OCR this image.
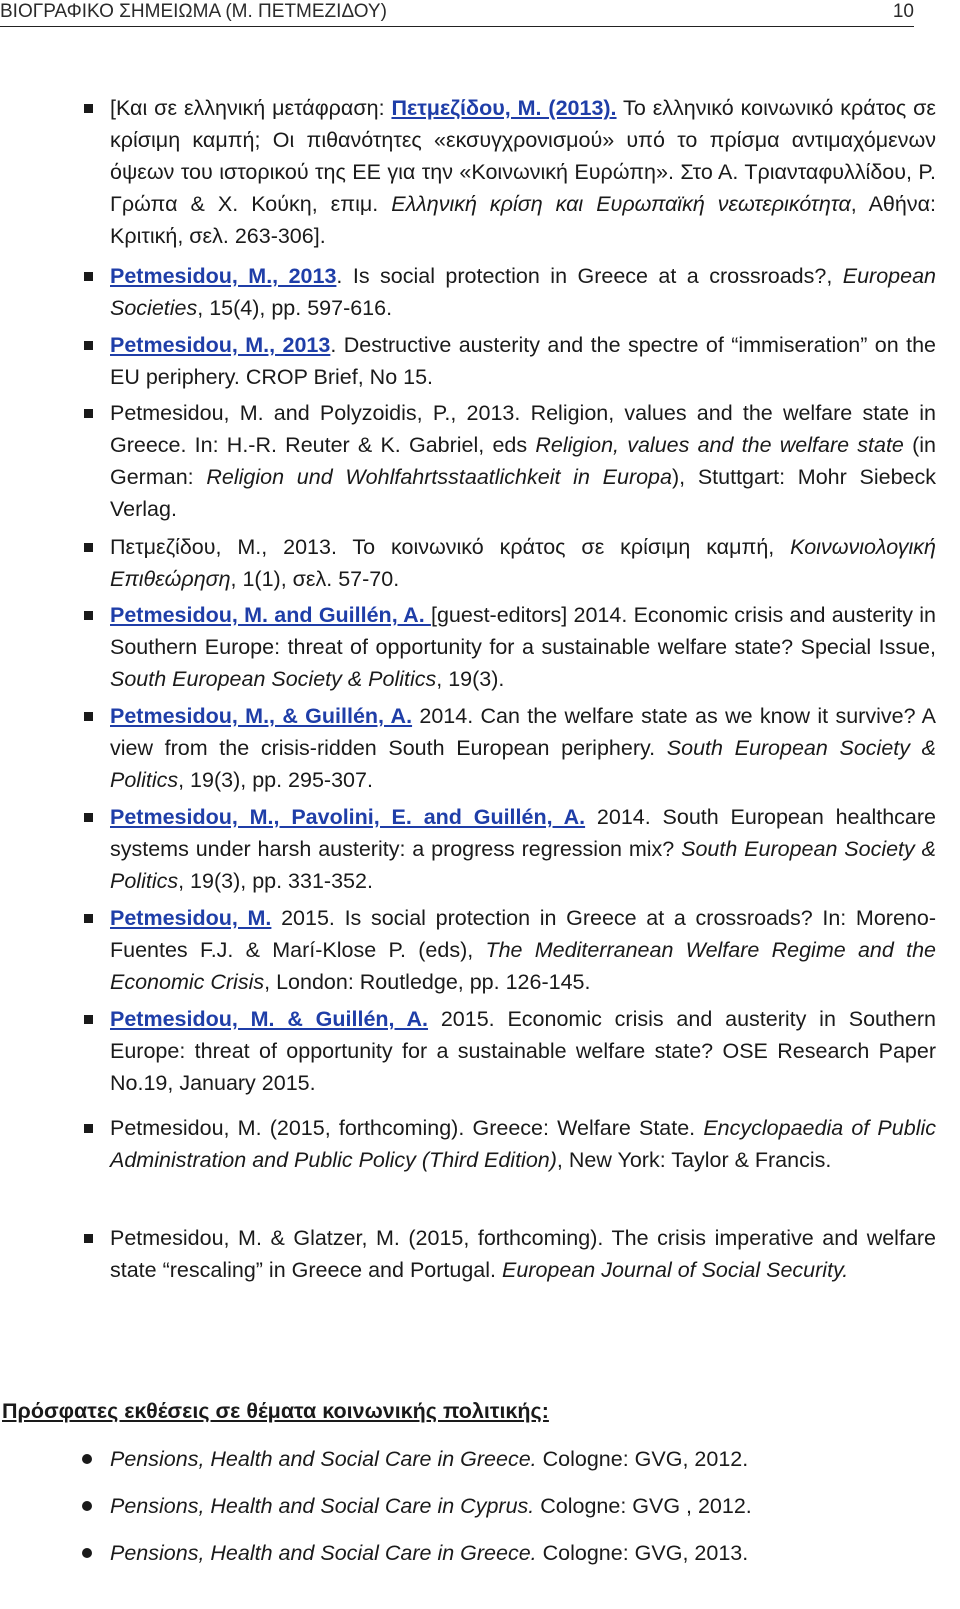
ΒΙΟΓΡΑΦΙΚΟ ΣΗΜΕΙΩΜΑ (Μ. ΠΕΤΜΕΖΙΔΟΥ)	10
[Και σε ελληνική μετάφραση: Πετμεζίδου, Μ. (2013). Το ελληνικό κοινωνικό κράτος σε κρίσιμη καμπή; Οι πιθανότητες «εκσυγχρονισμού» υπό το πρίσμα αντιμαχόμενων όψεων του ιστορικού της ΕΕ για την «Κοινωνική Ευρώπη». Στο Α. Τριανταφυλλίδου, Ρ. Γρώπα & Χ. Κούκη, επιμ. Ελληνική κρίση και Ευρωπαϊκή νεωτερικότητα, Αθήνα: Κριτική, σελ. 263-306].
Petmesidou, M., 2013. Is social protection in Greece at a crossroads?, European Societies, 15(4), pp. 597-616.
Petmesidou, M., 2013. Destructive austerity and the spectre of “immiseration” on the EU periphery. CROP Brief, No 15.
Petmesidou, M. and Polyzoidis, P., 2013. Religion, values and the welfare state in Greece. In: H.-R. Reuter & K. Gabriel, eds Religion, values and the welfare state (in German: Religion und Wohlfahrtsstaatlichkeit in Europa), Stuttgart: Mohr Siebeck Verlag.
Πετμεζίδου, Μ., 2013. Το κοινωνικό κράτος σε κρίσιμη καμπή, Κοινωνιολογική Επιθεώρηση, 1(1), σελ. 57-70.
Petmesidou, M. and Guillén, A. [guest-editors] 2014. Economic crisis and austerity in Southern Europe: threat of opportunity for a sustainable welfare state? Special Issue, South European Society & Politics, 19(3).
Petmesidou, M., & Guillén, A. 2014. Can the welfare state as we know it survive? A view from the crisis-ridden South European periphery. South European Society & Politics, 19(3), pp. 295-307.
Petmesidou, M., Pavolini, E. and Guillén, A. 2014. South European healthcare systems under harsh austerity: a progress regression mix? South European Society & Politics, 19(3), pp. 331-352.
Petmesidou, M. 2015. Is social protection in Greece at a crossroads? In: Moreno-Fuentes F.J. & Marí-Klose P. (eds), The Mediterranean Welfare Regime and the Economic Crisis, London: Routledge, pp. 126-145.
Petmesidou, M. & Guillén, A. 2015. Economic crisis and austerity in Southern Europe: threat of opportunity for a sustainable welfare state? OSE Research Paper No.19, January 2015.
Petmesidou, M. (2015, forthcoming). Greece: Welfare State. Encyclopaedia of Public Administration and Public Policy (Third Edition), New York: Taylor & Francis.
Petmesidou, M. & Glatzer, M. (2015, forthcoming). The crisis imperative and welfare state “rescaling” in Greece and Portugal. European Journal of Social Security.
Πρόσφατες εκθέσεις σε θέματα κοινωνικής πολιτικής:
Pensions, Health and Social Care in Greece. Cologne: GVG, 2012.
Pensions, Health and Social Care in Cyprus. Cologne: GVG , 2012.
Pensions, Health and Social Care in Greece. Cologne: GVG, 2013.
